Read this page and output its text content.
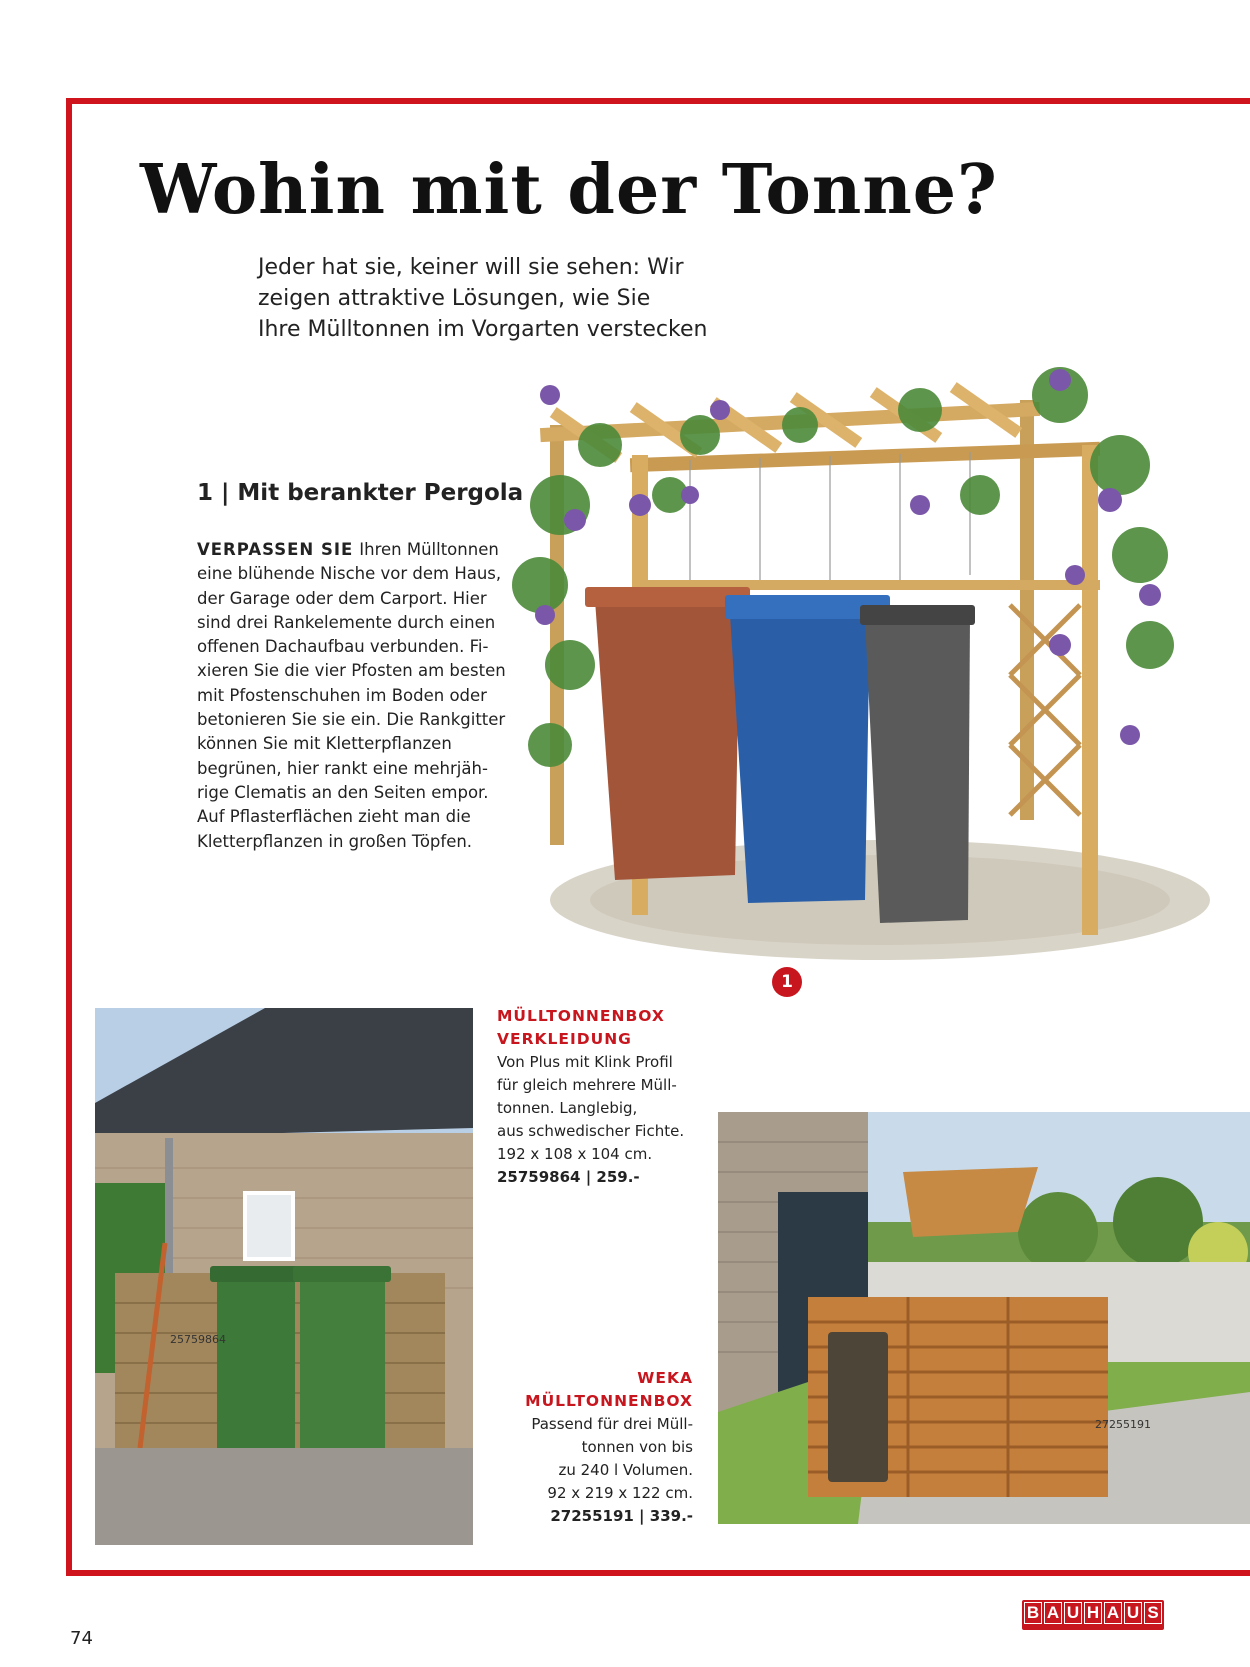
Wohin mit der Tonne?
Jeder hat sie, keiner will sie sehen: Wir
zeigen attraktive Lösungen, wie Sie
Ihre Mülltonnen im Vorgarten verstecken
1
1 | Mit berankter Pergola
VERPASSEN SIE Ihren Mülltonnen
eine blühende Nische vor dem Haus,
der Garage oder dem Carport. Hier
sind drei Rankelemente durch einen
offenen Dachaufbau verbunden. Fi-
xieren Sie die vier Pfosten am besten
mit Pfostenschuhen im Boden oder
betonieren Sie sie ein. Die Rankgitter
können Sie mit Kletterpflanzen
begrünen, hier rankt eine mehrjäh-
rige Clematis an den Seiten empor.
Auf Pflasterflächen zieht man die
Kletterpflanzen in großen Töpfen.
25759864
MÜLLTONNENBOX
VERKLEIDUNG
Von Plus mit Klink Profil
für gleich mehrere Müll-
tonnen. Langlebig,
aus schwedischer Fichte.
192 x 108 x 104 cm.
25759864 | 259.-
27255191
WEKA
MÜLLTONNENBOX
Passend für drei Müll-
tonnen von bis
zu 240 l Volumen.
92 x 219 x 122 cm.
27255191 | 339.-
74
B A U H A U S
